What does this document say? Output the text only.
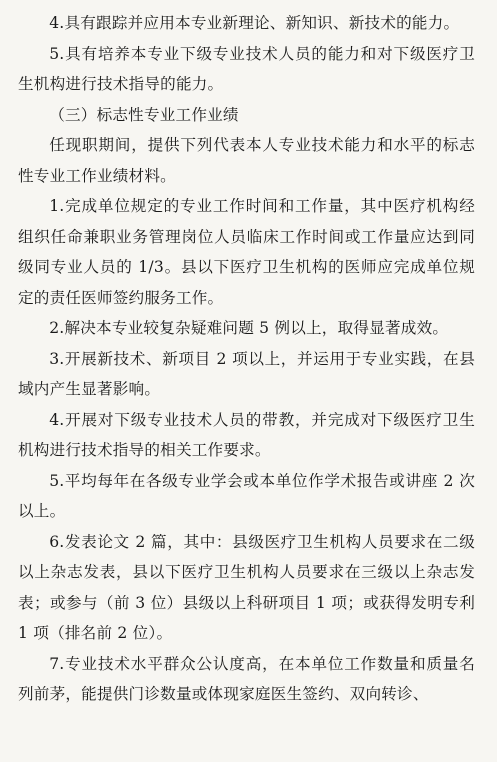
4.具有跟踪并应用本专业新理论、新知识、新技术的能力。

5.具有培养本专业下级专业技术人员的能力和对下级医疗卫生机构进行技术指导的能力。

（三）标志性专业工作业绩

任现职期间，提供下列代表本人专业技术能力和水平的标志性专业工作业绩材料。

1.完成单位规定的专业工作时间和工作量，其中医疗机构经组织任命兼职业务管理岗位人员临床工作时间或工作量应达到同级同专业人员的 1/3。县以下医疗卫生机构的医师应完成单位规定的责任医师签约服务工作。

2.解决本专业较复杂疑难问题 5 例以上，取得显著成效。

3.开展新技术、新项目 2 项以上，并运用于专业实践，在县域内产生显著影响。

4.开展对下级专业技术人员的带教，并完成对下级医疗卫生机构进行技术指导的相关工作要求。

5.平均每年在各级专业学会或本单位作学术报告或讲座 2 次以上。

6.发表论文 2 篇，其中：县级医疗卫生机构人员要求在二级以上杂志发表，县以下医疗卫生机构人员要求在三级以上杂志发表；或参与（前 3 位）县级以上科研项目 1 项；或获得发明专利 1 项（排名前 2 位）。

7.专业技术水平群众公认度高，在本单位工作数量和质量名列前茅，能提供门诊数量或体现家庭医生签约、双向转诊、
